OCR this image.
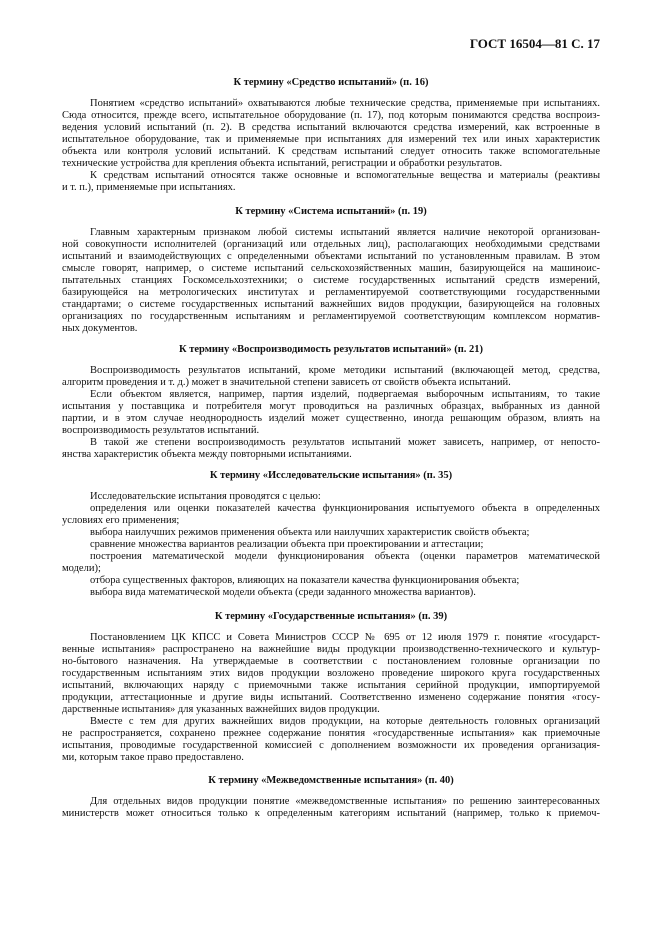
ГОСТ 16504—81 С. 17
К термину «Средство испытаний» (п. 16)
Понятием «средство испытаний» охватываются любые технические средства, применяемые при испытаниях.
Сюда относится, прежде всего, испытательное оборудование (п. 17), под которым понимаются средства воспроиз-
ведения условий испытаний (п. 2). В средства испытаний включаются средства измерений, как встроенные в
испытательное оборудование, так и применяемые при испытаниях для измерений тех или иных характеристик
объекта или контроля условий испытаний. К средствам испытаний следует относить также вспомогательные
технические устройства для крепления объекта испытаний, регистрации и обработки результатов.
К средствам испытаний относятся также основные и вспомогательные вещества и материалы (реактивы
и т. п.), применяемые при испытаниях.
К термину «Система испытаний» (п. 19)
Главным характерным признаком любой системы испытаний является наличие некоторой организован-
ной совокупности исполнителей (организаций или отдельных лиц), располагающих необходимыми средствами
испытаний и взаимодействующих с определенными объектами испытаний по установленным правилам. В этом
смысле говорят, например, о системе испытаний сельскохозяйственных машин, базирующейся на машинoис-
пытательных станциях Госкомсельхозтехники; о системе государственных испытаний средств измерений,
базирующейся на метрологических институтах и регламентируемой соответствующими государственными
стандартами; о системе государственных испытаний важнейших видов продукции, базирующейся на головных
организациях по государственным испытаниям и регламентируемой соответствующим комплексом норматив-
ных документов.
К термину «Воспроизводимость результатов испытаний» (п. 21)
Воспроизводимость результатов испытаний, кроме методики испытаний (включающей метод, средства,
алгоритм проведения и т. д.) может в значительной степени зависеть от свойств объекта испытаний.
Если объектом является, например, партия изделий, подвергаемая выборочным испытаниям, то такие
испытания у поставщика и потребителя могут проводиться на различных образцах, выбранных из данной
партии, и в этом случае неоднородность изделий может существенно, иногда решающим образом, влиять на
воспроизводимость результатов испытаний.
В такой же степени воспроизводимость результатов испытаний может зависеть, например, от непосто-
янства характеристик объекта между повторными испытаниями.
К термину «Исследовательские испытания» (п. 35)
Исследовательские испытания проводятся с целью:
определения или оценки показателей качества функционирования испытуемого объекта в определенных
условиях его применения;
выбора наилучших режимов применения объекта или наилучших характеристик свойств объекта;
сравнение множества вариантов реализации объекта при проектировании и аттестации;
построения математической модели функционирования объекта (оценки параметров математической
модели);
отбора существенных факторов, влияющих на показатели качества функционирования объекта;
выбора вида математической модели объекта (среди заданного множества вариантов).
К термину «Государственные испытания» (п. 39)
Постановлением ЦК КПСС и Совета Министров СССР № 695 от 12 июля 1979 г. понятие «государст-
венные испытания» распространено на важнейшие виды продукции производственно-технического и культур-
но-бытового назначения. На утверждаемые в соответствии с постановлением головные организации по
государственным испытаниям этих видов продукции возложено проведение широкого круга государственных
испытаний, включающих наряду с приемочными также испытания серийной продукции, импортируемой
продукции, аттестационные и другие виды испытаний. Соответственно изменено содержание понятия «госу-
дарственные испытания» для указанных важнейших видов продукции.
Вместе с тем для других важнейших видов продукции, на которые деятельность головных организаций
не распространяется, сохранено прежнее содержание понятия «государственные испытания» как приемочные
испытания, проводимые государственной комиссией с дополнением возможности их проведения организация-
ми, которым такое право предоставлено.
К термину «Межведомственные испытания» (п. 40)
Для отдельных видов продукции понятие «межведомственные испытания» по решению заинтересованных
министерств может относиться только к определенным категориям испытаний (например, только к приемоч-
